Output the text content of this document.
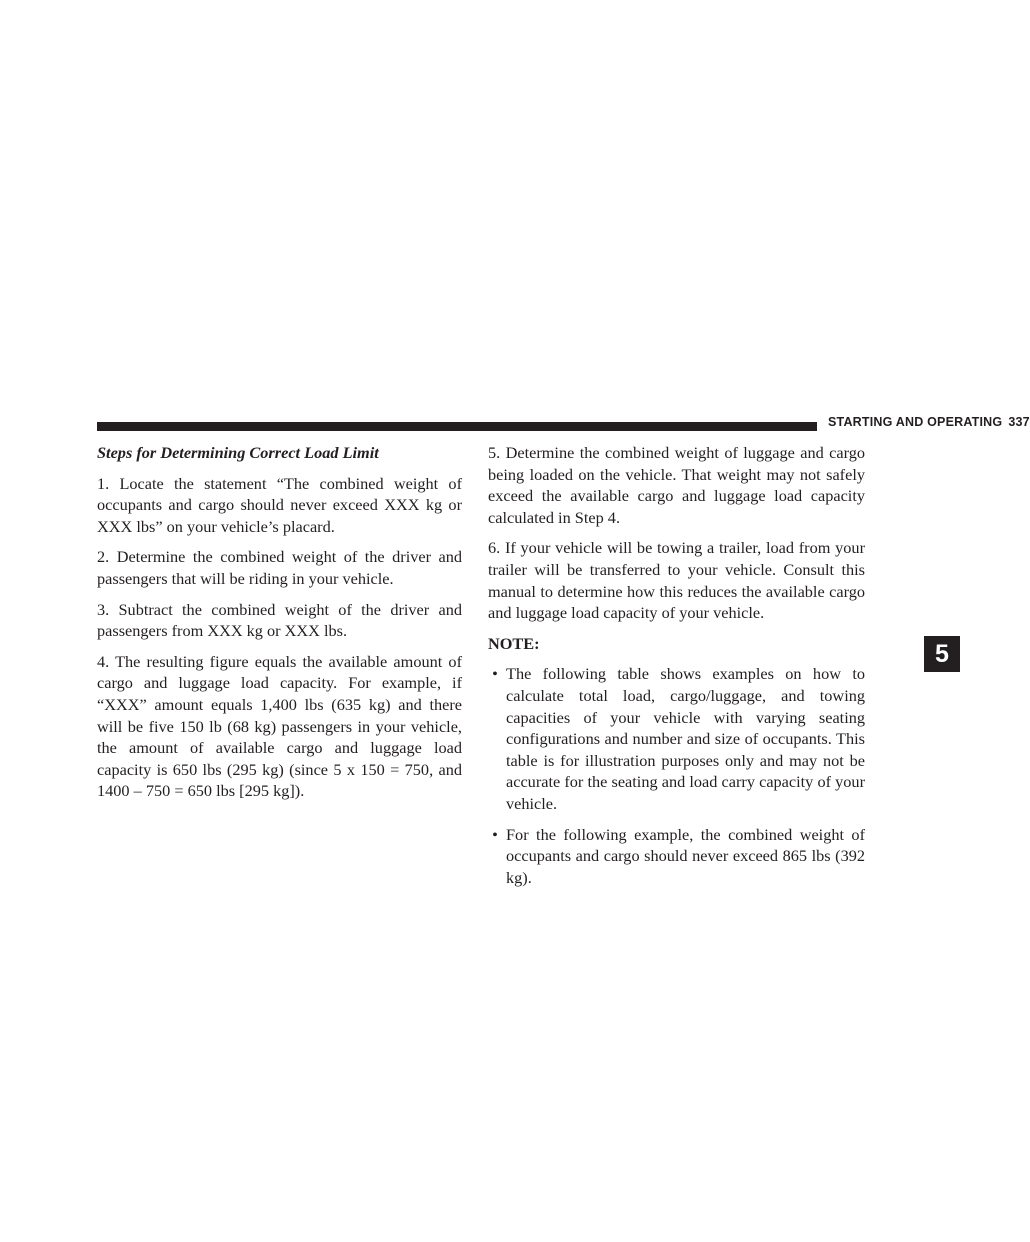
STARTING AND OPERATING 337
5

Steps for Determining Correct Load Limit

1. Locate the statement “The combined weight of occupants and cargo should never exceed XXX kg or XXX lbs” on your vehicle’s placard.

2. Determine the combined weight of the driver and passengers that will be riding in your vehicle.

3. Subtract the combined weight of the driver and passengers from XXX kg or XXX lbs.

4. The resulting figure equals the available amount of cargo and luggage load capacity. For example, if “XXX” amount equals 1,400 lbs (635 kg) and there will be five 150 lb (68 kg) passengers in your vehicle, the amount of available cargo and luggage load capacity is 650 lbs (295 kg) (since 5 x 150 = 750, and 1400 – 750 = 650 lbs [295 kg]).

5. Determine the combined weight of luggage and cargo being loaded on the vehicle. That weight may not safely exceed the available cargo and luggage load capacity calculated in Step 4.

6. If your vehicle will be towing a trailer, load from your trailer will be transferred to your vehicle. Consult this manual to determine how this reduces the available cargo and luggage load capacity of your vehicle.

NOTE:

• The following table shows examples on how to calculate total load, cargo/luggage, and towing capacities of your vehicle with varying seating configurations and number and size of occupants. This table is for illustration purposes only and may not be accurate for the seating and load carry capacity of your vehicle.
• For the following example, the combined weight of occupants and cargo should never exceed 865 lbs (392 kg).
